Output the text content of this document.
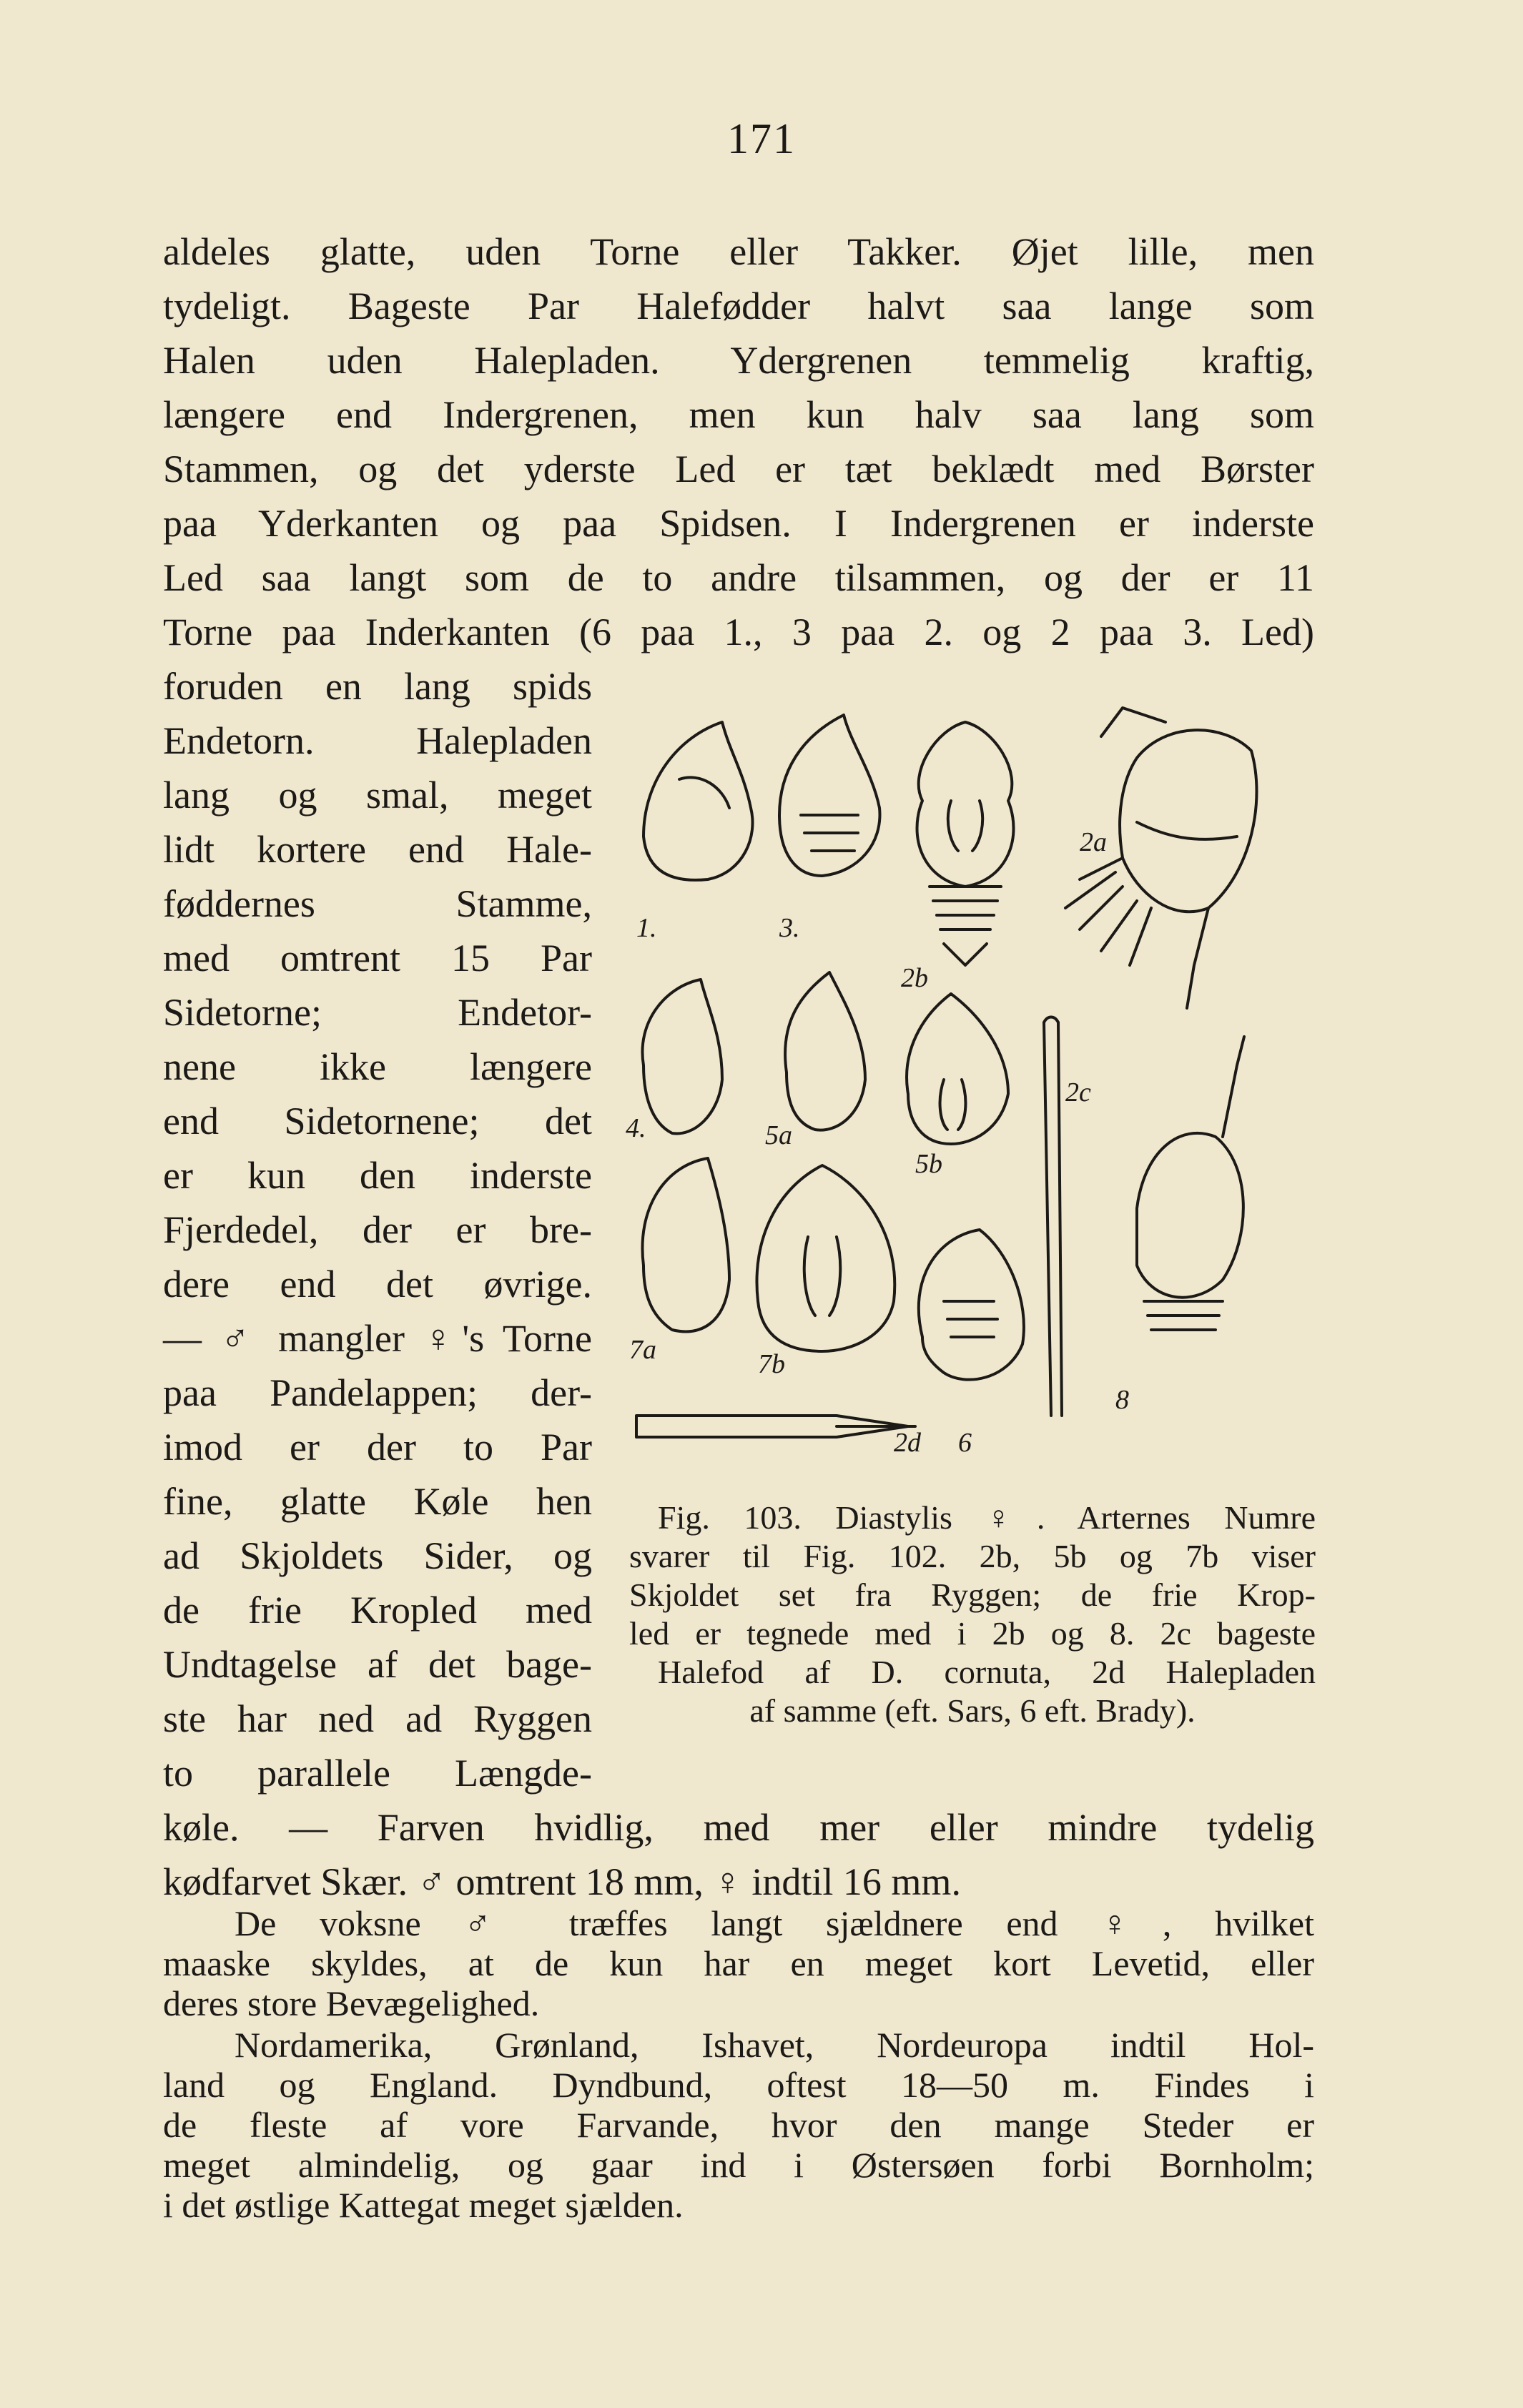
171
aldeles glatte, uden Torne eller Takker. Øjet lille, men
tydeligt. Bageste Par Halefødder halvt saa lange som
Halen uden Halepladen. Ydergrenen temmelig kraftig,
længere end Indergrenen, men kun halv saa lang som
Stammen, og det yderste Led er tæt beklædt med Børster
paa Yderkanten og paa Spidsen. I Indergrenen er inderste
Led saa langt som de to andre tilsammen, og der er 11
Torne paa Inderkanten (6 paa 1., 3 paa 2. og 2 paa 3. Led)
foruden en lang spids
Endetorn. Halepladen
lang og smal, meget
lidt kortere end Hale-
føddernes Stamme,
med omtrent 15 Par
Sidetorne; Endetor-
nene ikke længere
end Sidetornene; det
er kun den inderste
Fjerdedel, der er bre-
dere end det øvrige.
— ♂ mangler ♀'s Torne
paa Pandelappen; der-
imod er der to Par
fine, glatte Køle hen
ad Skjoldets Sider, og
de frie Kropled med
Undtagelse af det bage-
ste har ned ad Ryggen
to parallele Længde-
køle. — Farven hvidlig, med mer eller mindre tydelig
kødfarvet Skær. ♂ omtrent 18 mm, ♀ indtil 16 mm.
De voksne ♂ træffes langt sjældnere end ♀, hvilket
maaske skyldes, at de kun har en meget kort Levetid, eller
deres store Bevægelighed.
Nordamerika, Grønland, Ishavet, Nordeuropa indtil Hol-
land og England. Dyndbund, oftest 18—50 m. Findes i
de fleste af vore Farvande, hvor den mange Steder er
meget almindelig, og gaar ind i Østersøen forbi Bornholm;
i det østlige Kattegat meget sjælden.
1.	3.
2b
2a
4.	5a
5b
2c
8
7a	7b
6
2d
Fig. 103. Diastylis ♀. Arternes Numre
svarer til Fig. 102. 2b, 5b og 7b viser
Skjoldet set fra Ryggen; de frie Krop-
led er tegnede med i 2b og 8. 2c bageste
Halefod af D. cornuta, 2d Halepladen
af samme (eft. Sars, 6 eft. Brady).
